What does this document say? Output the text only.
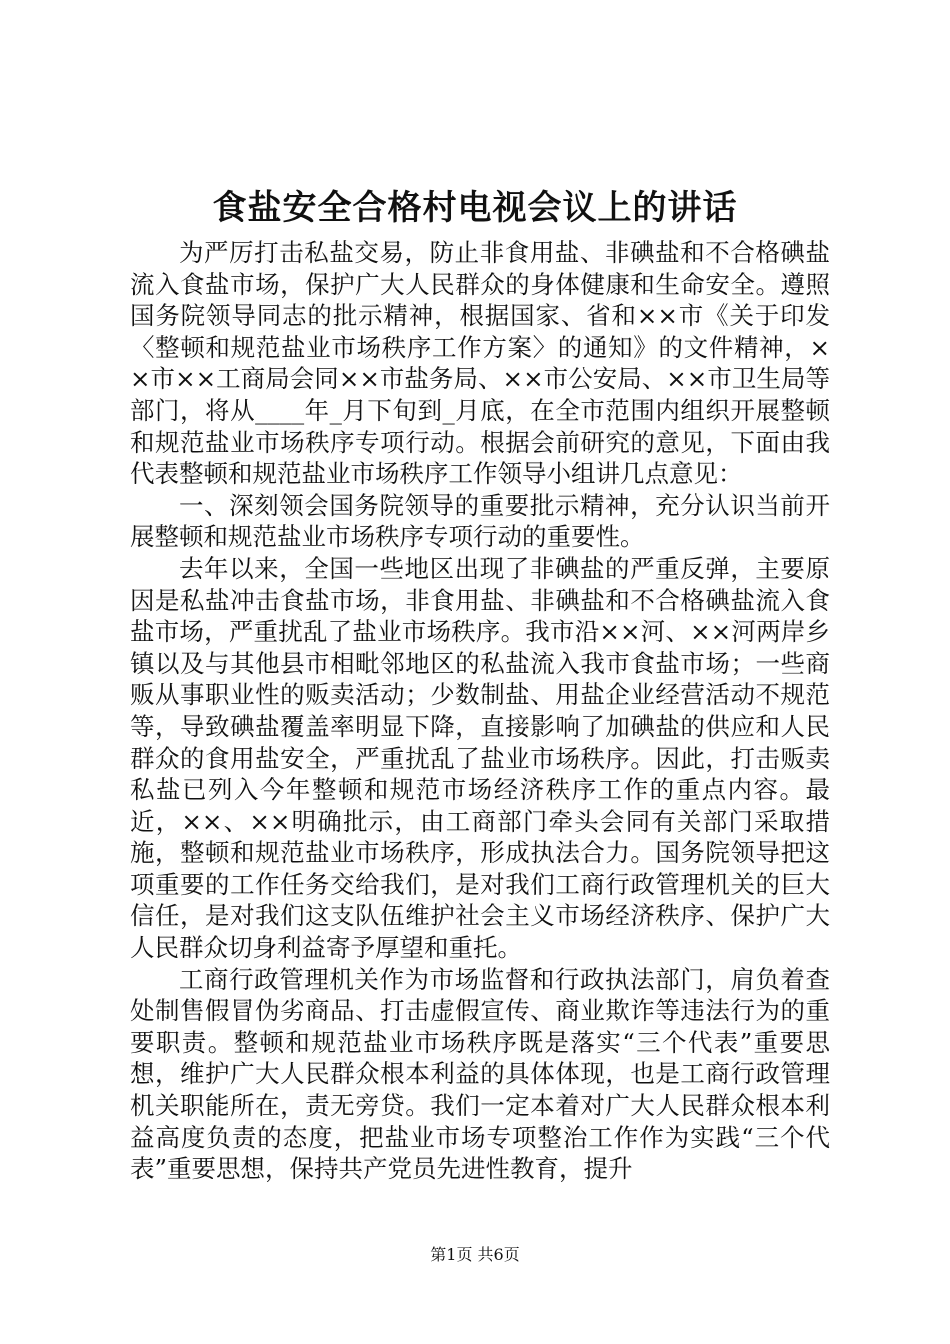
食盐安全合格村电视会议上的讲话

为严厉打击私盐交易，防止非食用盐、非碘盐和不合格碘盐流入食盐市场，保护广大人民群众的身体健康和生命安全。遵照国务院领导同志的批示精神，根据国家、省和××市《关于印发〈整顿和规范盐业市场秩序工作方案〉的通知》的文件精神，××市××工商局会同××市盐务局、××市公安局、××市卫生局等部门，将从____年_月下旬到_月底，在全市范围内组织开展整顿和规范盐业市场秩序专项行动。根据会前研究的意见，下面由我代表整顿和规范盐业市场秩序工作领导小组讲几点意见：

一、深刻领会国务院领导的重要批示精神，充分认识当前开展整顿和规范盐业市场秩序专项行动的重要性。

去年以来，全国一些地区出现了非碘盐的严重反弹，主要原因是私盐冲击食盐市场，非食用盐、非碘盐和不合格碘盐流入食盐市场，严重扰乱了盐业市场秩序。我市沿××河、××河两岸乡镇以及与其他县市相毗邻地区的私盐流入我市食盐市场；一些商贩从事职业性的贩卖活动；少数制盐、用盐企业经营活动不规范等，导致碘盐覆盖率明显下降，直接影响了加碘盐的供应和人民群众的食用盐安全，严重扰乱了盐业市场秩序。因此，打击贩卖私盐已列入今年整顿和规范市场经济秩序工作的重点内容。最近，××、××明确批示，由工商部门牵头会同有关部门采取措施，整顿和规范盐业市场秩序，形成执法合力。国务院领导把这项重要的工作任务交给我们，是对我们工商行政管理机关的巨大信任，是对我们这支队伍维护社会主义市场经济秩序、保护广大人民群众切身利益寄予厚望和重托。

工商行政管理机关作为市场监督和行政执法部门，肩负着查处制售假冒伪劣商品、打击虚假宣传、商业欺诈等违法行为的重要职责。整顿和规范盐业市场秩序既是落实“三个代表”重要思想，维护广大人民群众根本利益的具体体现，也是工商行政管理机关职能所在，责无旁贷。我们一定本着对广大人民群众根本利益高度负责的态度，把盐业市场专项整治工作作为实践“三个代表”重要思想，保持共产党员先进性教育，提升

第1页 共6页
